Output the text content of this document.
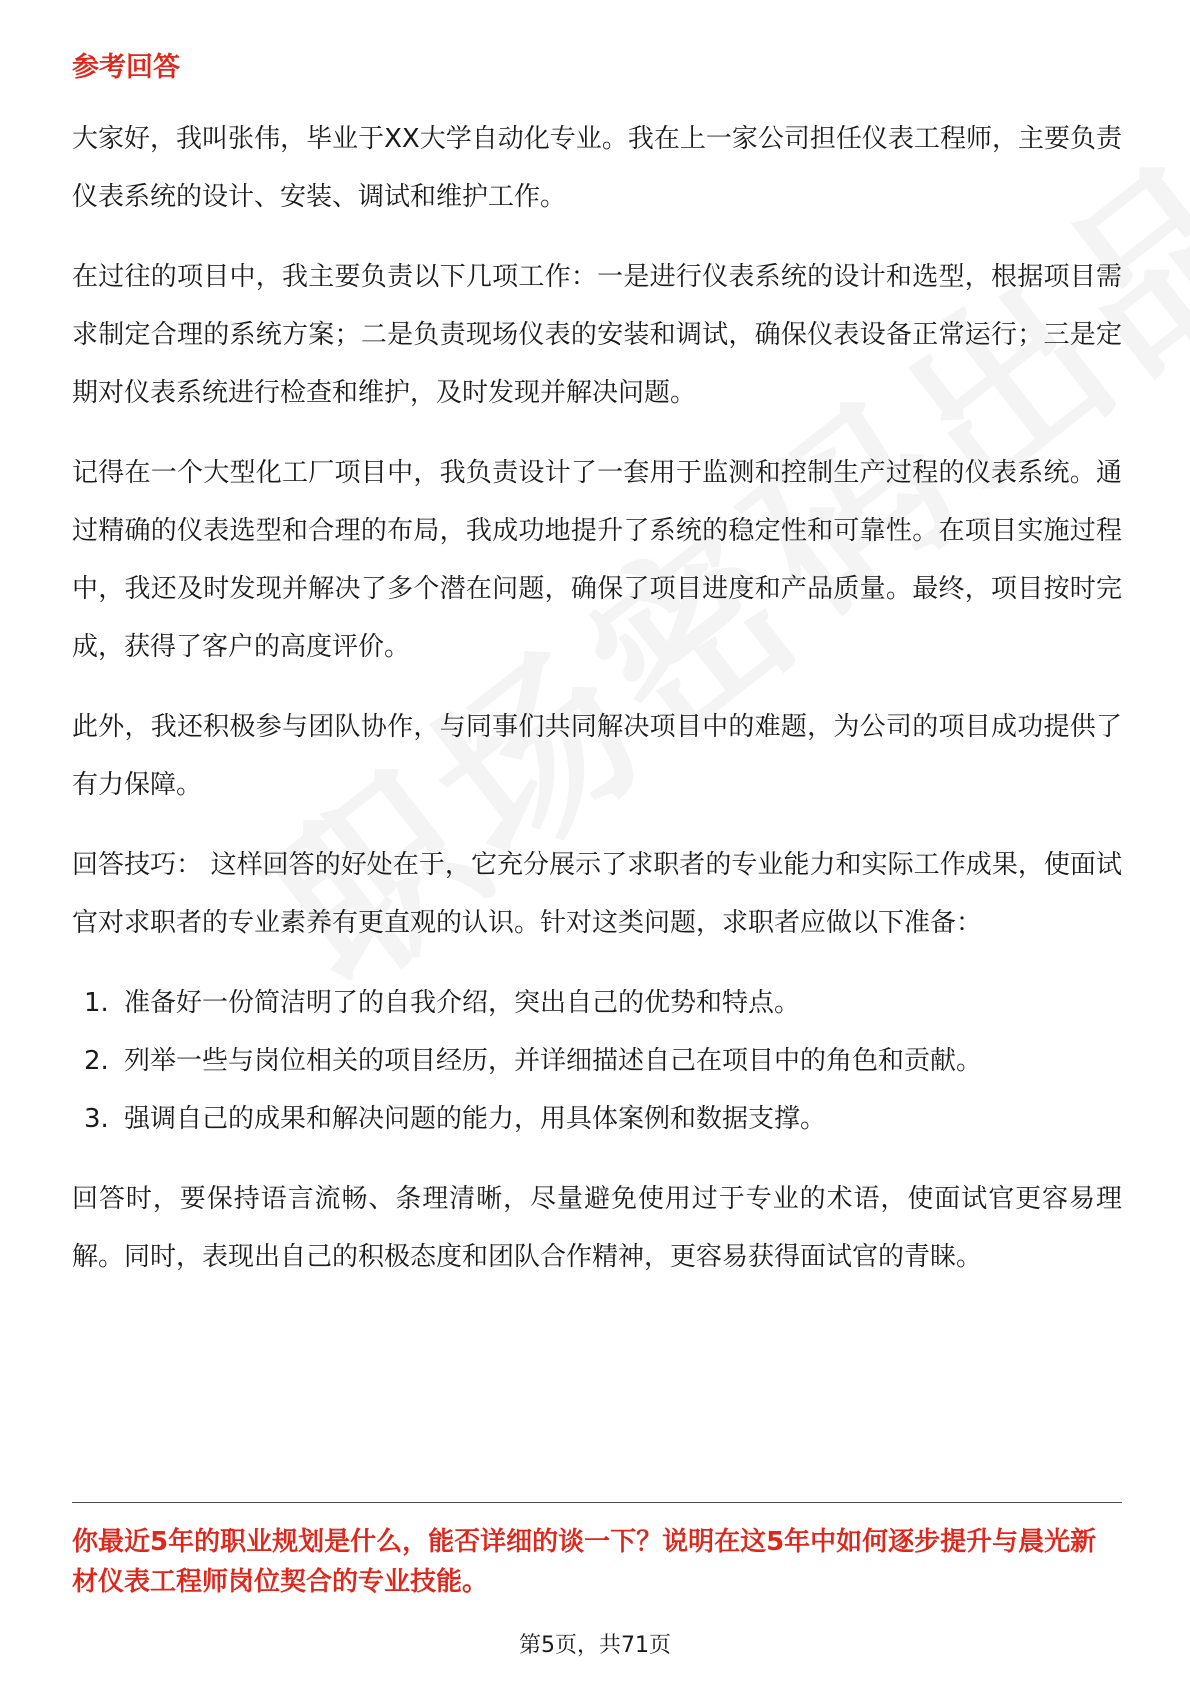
参考回答

大家好，我叫张伟，毕业于XX大学自动化专业。我在上一家公司担任仪表工程师，主要负责仪表系统的设计、安装、调试和维护工作。

在过往的项目中，我主要负责以下几项工作：一是进行仪表系统的设计和选型，根据项目需求制定合理的系统方案；二是负责现场仪表的安装和调试，确保仪表设备正常运行；三是定期对仪表系统进行检查和维护，及时发现并解决问题。

记得在一个大型化工厂项目中，我负责设计了一套用于监测和控制生产过程的仪表系统。通过精确的仪表选型和合理的布局，我成功地提升了系统的稳定性和可靠性。在项目实施过程中，我还及时发现并解决了多个潜在问题，确保了项目进度和产品质量。最终，项目按时完成，获得了客户的高度评价。

此外，我还积极参与团队协作，与同事们共同解决项目中的难题，为公司的项目成功提供了有力保障。

回答技巧： 这样回答的好处在于，它充分展示了求职者的专业能力和实际工作成果，使面试官对求职者的专业素养有更直观的认识。针对这类问题，求职者应做以下准备：

1. 准备好一份简洁明了的自我介绍，突出自己的优势和特点。
2. 列举一些与岗位相关的项目经历，并详细描述自己在项目中的角色和贡献。
3. 强调自己的成果和解决问题的能力，用具体案例和数据支撑。

回答时，要保持语言流畅、条理清晰，尽量避免使用过于专业的术语，使面试官更容易理解。同时，表现出自己的积极态度和团队合作精神，更容易获得面试官的青睐。

你最近5年的职业规划是什么，能否详细的谈一下？说明在这5年中如何逐步提升与晨光新材仪表工程师岗位契合的专业技能。
第5页，共71页
